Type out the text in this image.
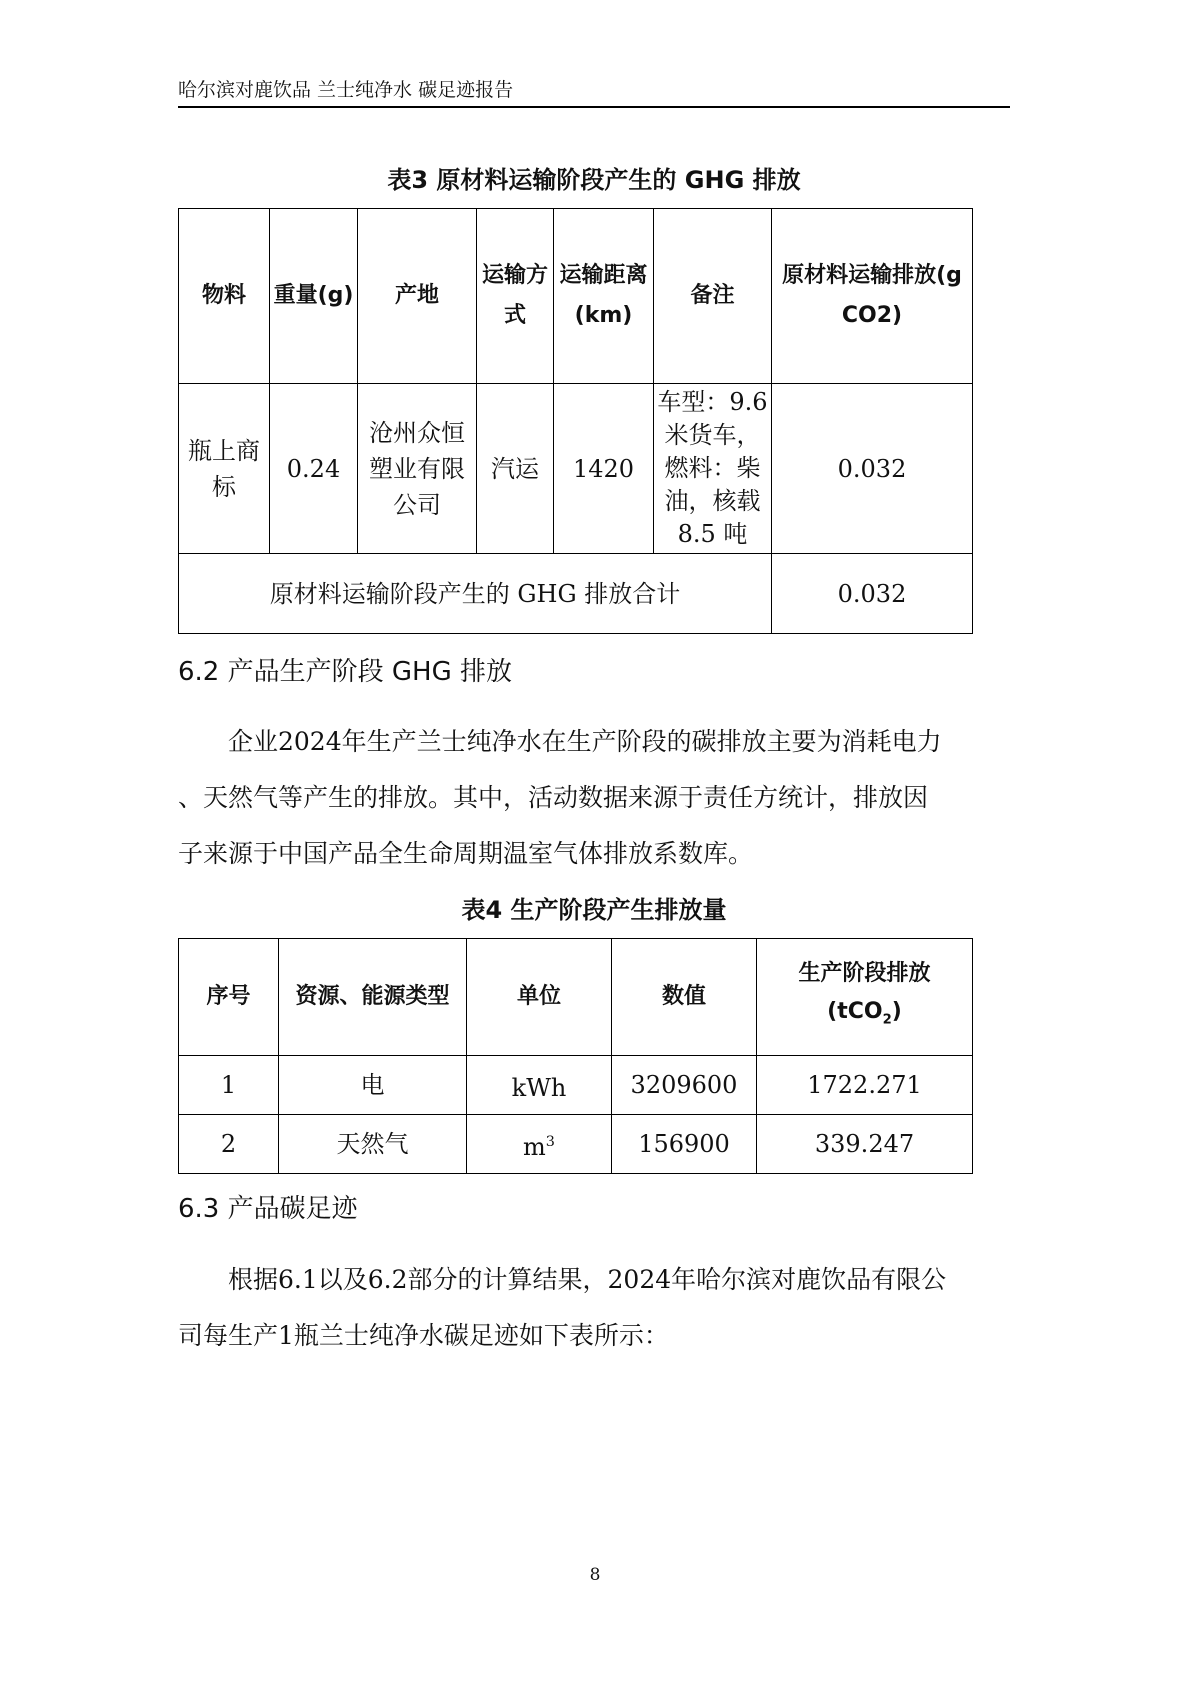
哈尔滨对鹿饮品 兰士纯净水 碳足迹报告
表3 原材料运输阶段产生的 GHG 排放
物料	重量(g)	产地	运输方式	运输距离(km)	备注	原材料运输排放(g CO2)
瓶上商标	0.24	沧州众恒塑业有限公司	汽运	1420	车型：9.6米货车，燃料：柴油，核载8.5 吨	0.032
原材料运输阶段产生的 GHG 排放合计						0.032
6.2 产品生产阶段 GHG 排放
企业2024年生产兰士纯净水在生产阶段的碳排放主要为消耗电力
、天然气等产生的排放。其中，活动数据来源于责任方统计，排放因
子来源于中国产品全生命周期温室气体排放系数库。
表4 生产阶段产生排放量
序号	资源、能源类型	单位	数值	生产阶段排放
(tCO$_2$)

1	电	kWh	3209600	1722.271
2	天然气	$m^3$	156900	339.247
6.3 产品碳足迹
根据6.1以及6.2部分的计算结果，2024年哈尔滨对鹿饮品有限公
司每生产1瓶兰士纯净水碳足迹如下表所示：
8
